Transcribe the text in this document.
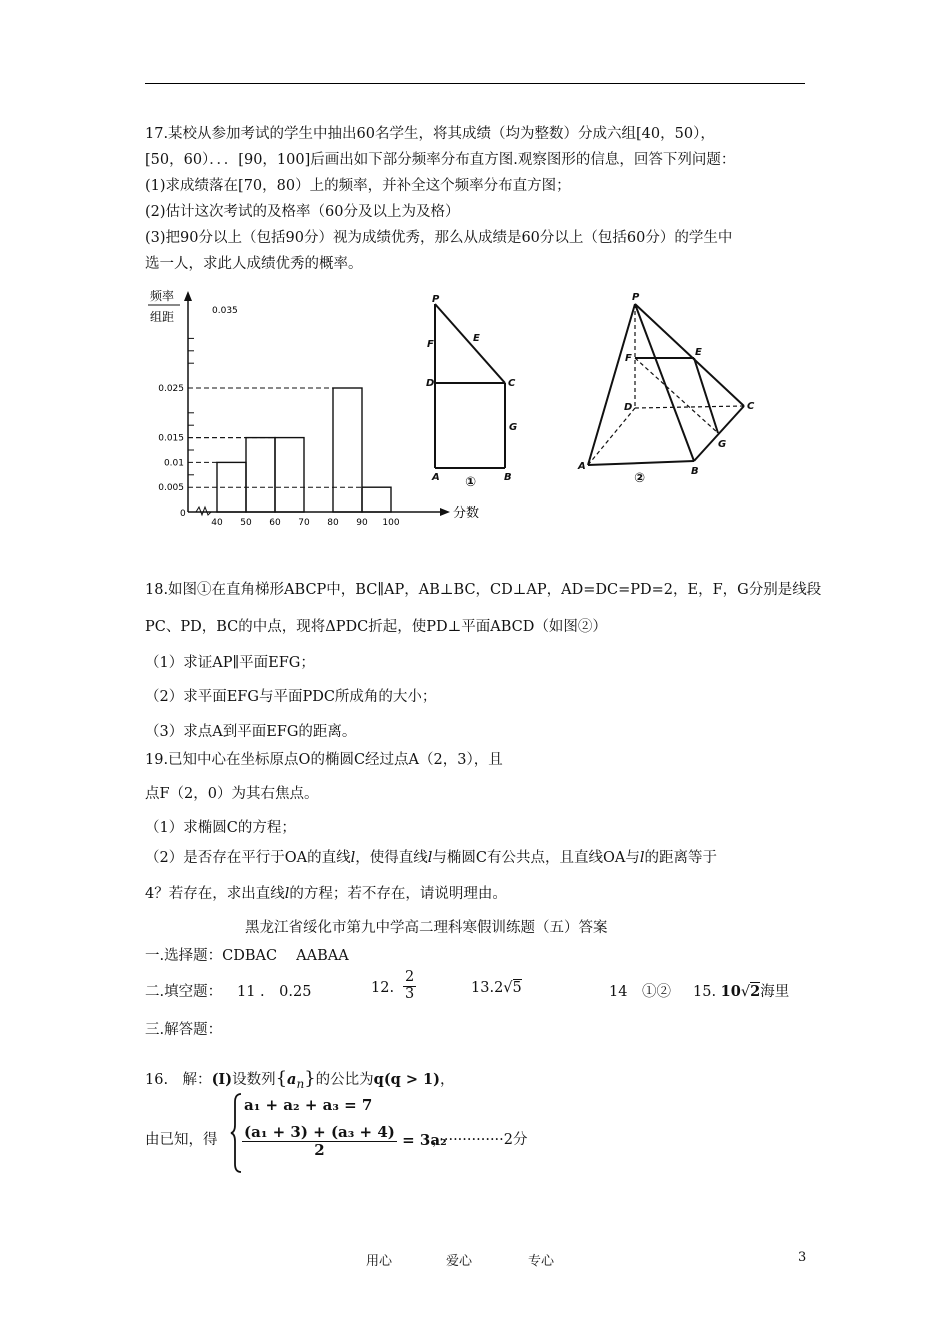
17.某校从参加考试的学生中抽出60名学生，将其成绩（均为整数）分成六组[40，50），
[50，60）．．．[90，100]后画出如下部分频率分布直方图.观察图形的信息，回答下列问题：
(1)求成绩落在[70，80）上的频率，并补全这个频率分布直方图；
(2)估计这次考试的及格率（60分及以上为及格）
(3)把90分以上（包括90分）视为成绩优秀，那么从成绩是60分以上（包括60分）的学生中
选一人，求此人成绩优秀的概率。
频率
组距
0.005
0.01
0.015
0.025
0.035
0
40 50 60 70 80 90 100
分数
P
F
E
D	C
G
A	B
①
P
F
E
D	C
G
A	B
②
18.如图①在直角梯形ABCP中，BC∥AP，AB⊥BC，CD⊥AP，AD=DC=PD=2，E，F，G分别是线段
PC、PD，BC的中点，现将ΔPDC折起，使PD⊥平面ABCD（如图②）
（1）求证AP∥平面EFG；
（2）求平面EFG与平面PDC所成角的大小；
（3）求点A到平面EFG的距离。
19.已知中心在坐标原点O的椭圆C经过点A（2，3），且
点F（2，0）为其右焦点。
（1）求椭圆C的方程；
（2）是否存在平行于OA的直线l，使得直线l与椭圆C有公共点，且直线OA与l的距离等于
4？若存在，求出直线l的方程；若不存在，请说明理由。
黑龙江省绥化市第九中学高二理科寒假训练题（五）答案
一.选择题：CDBAC　 AABAA
二.填空题： 11 .　0.25	12. $\frac{2}{3}$	13.2√5	14　①② 15. 10√2海里
三.解答题：
16.　解：(I)设数列$\{a_n\}$的公比为q(q > 1)，
由已知，得
a₁ + a₂ + a₃ = 7
$\frac{\text{(a₁ + 3) + (a₃ + 4)}}{2} = 3a_2$
，··············2分
用心	爱心	专心	3
